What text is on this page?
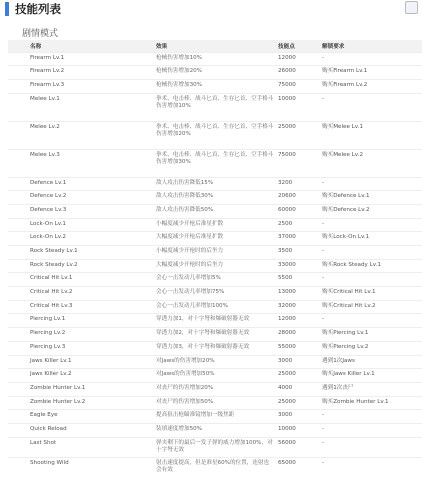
技能列表
剧情模式
名称	效果	技能点	解锁要求
Firearm Lv.1	枪械伤害增加10%	12000	-
Firearm Lv.2	枪械伤害增加20%	26000	购买Firearm Lv.1
Firearm Lv.3	枪械伤害增加30%	75000	购买Firearm Lv.2
Melee Lv.1	拳术、电击棒、战斗匕首、生存匕首、空手格斗伤害增加10%	10000	-
Melee Lv.2	拳术、电击棒、战斗匕首、生存匕首、空手格斗伤害增加20%	25000	购买Melee Lv.1
Melee Lv.3	拳术、电击棒、战斗匕首、生存匕首、空手格斗伤害增加30%	75000	购买Melee Lv.2
Defence Lv.1	敌人攻击伤害降低15%	3200	-
Defence Lv.2	敌人攻击伤害降低30%	20600	购买Defence Lv.1
Defence Lv.3	敌人攻击伤害降低50%	60000	购买Defence Lv.2
Lock-On Lv.1	小幅度减少开枪后准星扩散	2500	-
Lock-On Lv.2	大幅度减少开枪后准星扩散	37000	购买Lock-On Lv.1
Rock Steady Lv.1	小幅度减少开枪时的后坐力	3500	-
Rock Steady Lv.2	大幅度减少开枪时的后坐力	33000	购买Rock Steady Lv.1
Critical Hit Lv.1	会心一击发动几率增加5%	5500	-
Critical Hit Lv.2	会心一击发动几率增加75%	13000	购买Critical Hit Lv.1
Critical Hit Lv.3	会心一击发动几率增加100%	32000	购买Critical Hit Lv.2
Piercing Lv.1	穿透力加1，对十字弩和爆破射器无效	12000	-
Piercing Lv.2	穿透力加2，对十字弩和爆破射器无效	28000	购买Piercing Lv.1
Piercing Lv.3	穿透力加3，对十字弩和爆破射器无效	55000	购买Piercing Lv.2
Jaws Killer Lv.1	对Jaws的伤害增加20%	3000	遇到1次Jaws
Jaws Killer Lv.2	对Jaws的伤害增加50%	25000	购买Jaws Killer Lv.1
Zombie Hunter Lv.1	对丧尸的伤害增加20%	4000	遇到1次丧尸
Zombie Hunter Lv.2	对丧尸的伤害增加50%	25000	购买Zombie Hunter Lv.1
Eagle Eye	提高狙击枪瞄准镜增加一级焦距	3000	-
Quick Reload	装填速度增加50%	10000	-
Last Shot	弹夹剩下的最后一发子弹的威力增加100%，对十字弩无效	56000	-
Shooting Wild	射击速度提高，但是准星60%的位置，连射也会有效	65000	-
